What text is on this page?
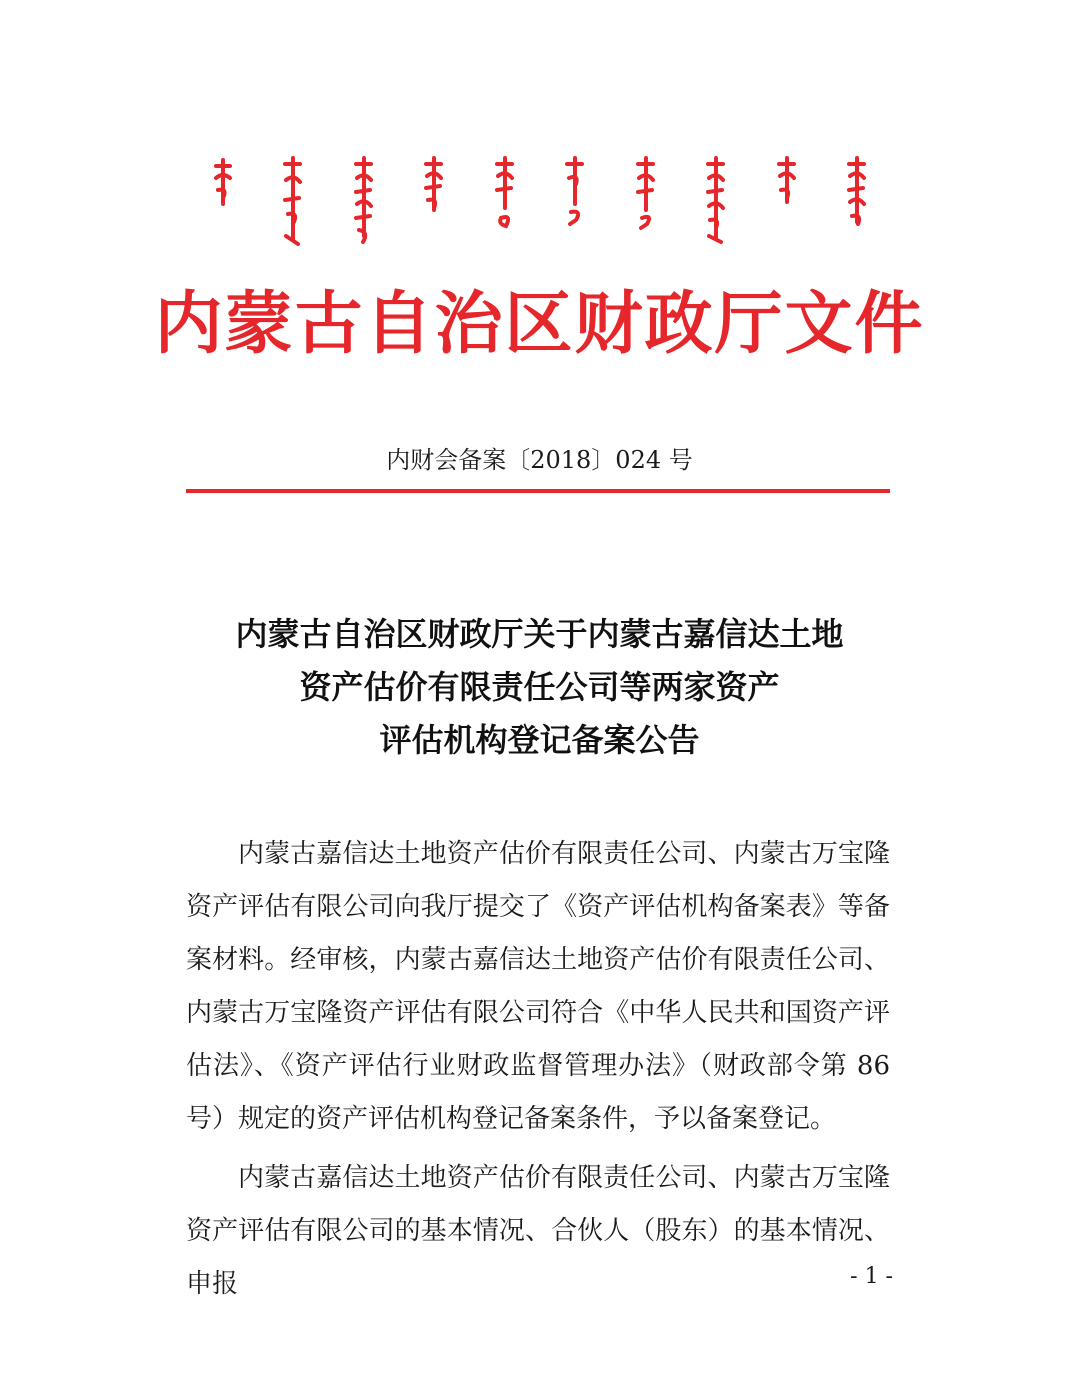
内蒙古自治区财政厅文件
内财会备案〔2018〕024 号
内蒙古自治区财政厅关于内蒙古嘉信达土地
资产估价有限责任公司等两家资产
评估机构登记备案公告
内蒙古嘉信达土地资产估价有限责任公司、内蒙古万宝隆资产评估有限公司向我厅提交了《资产评估机构备案表》等备案材料。经审核，内蒙古嘉信达土地资产估价有限责任公司、内蒙古万宝隆资产评估有限公司符合《中华人民共和国资产评估法》、《资产评估行业财政监督管理办法》（财政部令第 86 号）规定的资产评估机构登记备案条件，予以备案登记。
内蒙古嘉信达土地资产估价有限责任公司、内蒙古万宝隆资产评估有限公司的基本情况、合伙人（股东）的基本情况、申报	- 1 -
